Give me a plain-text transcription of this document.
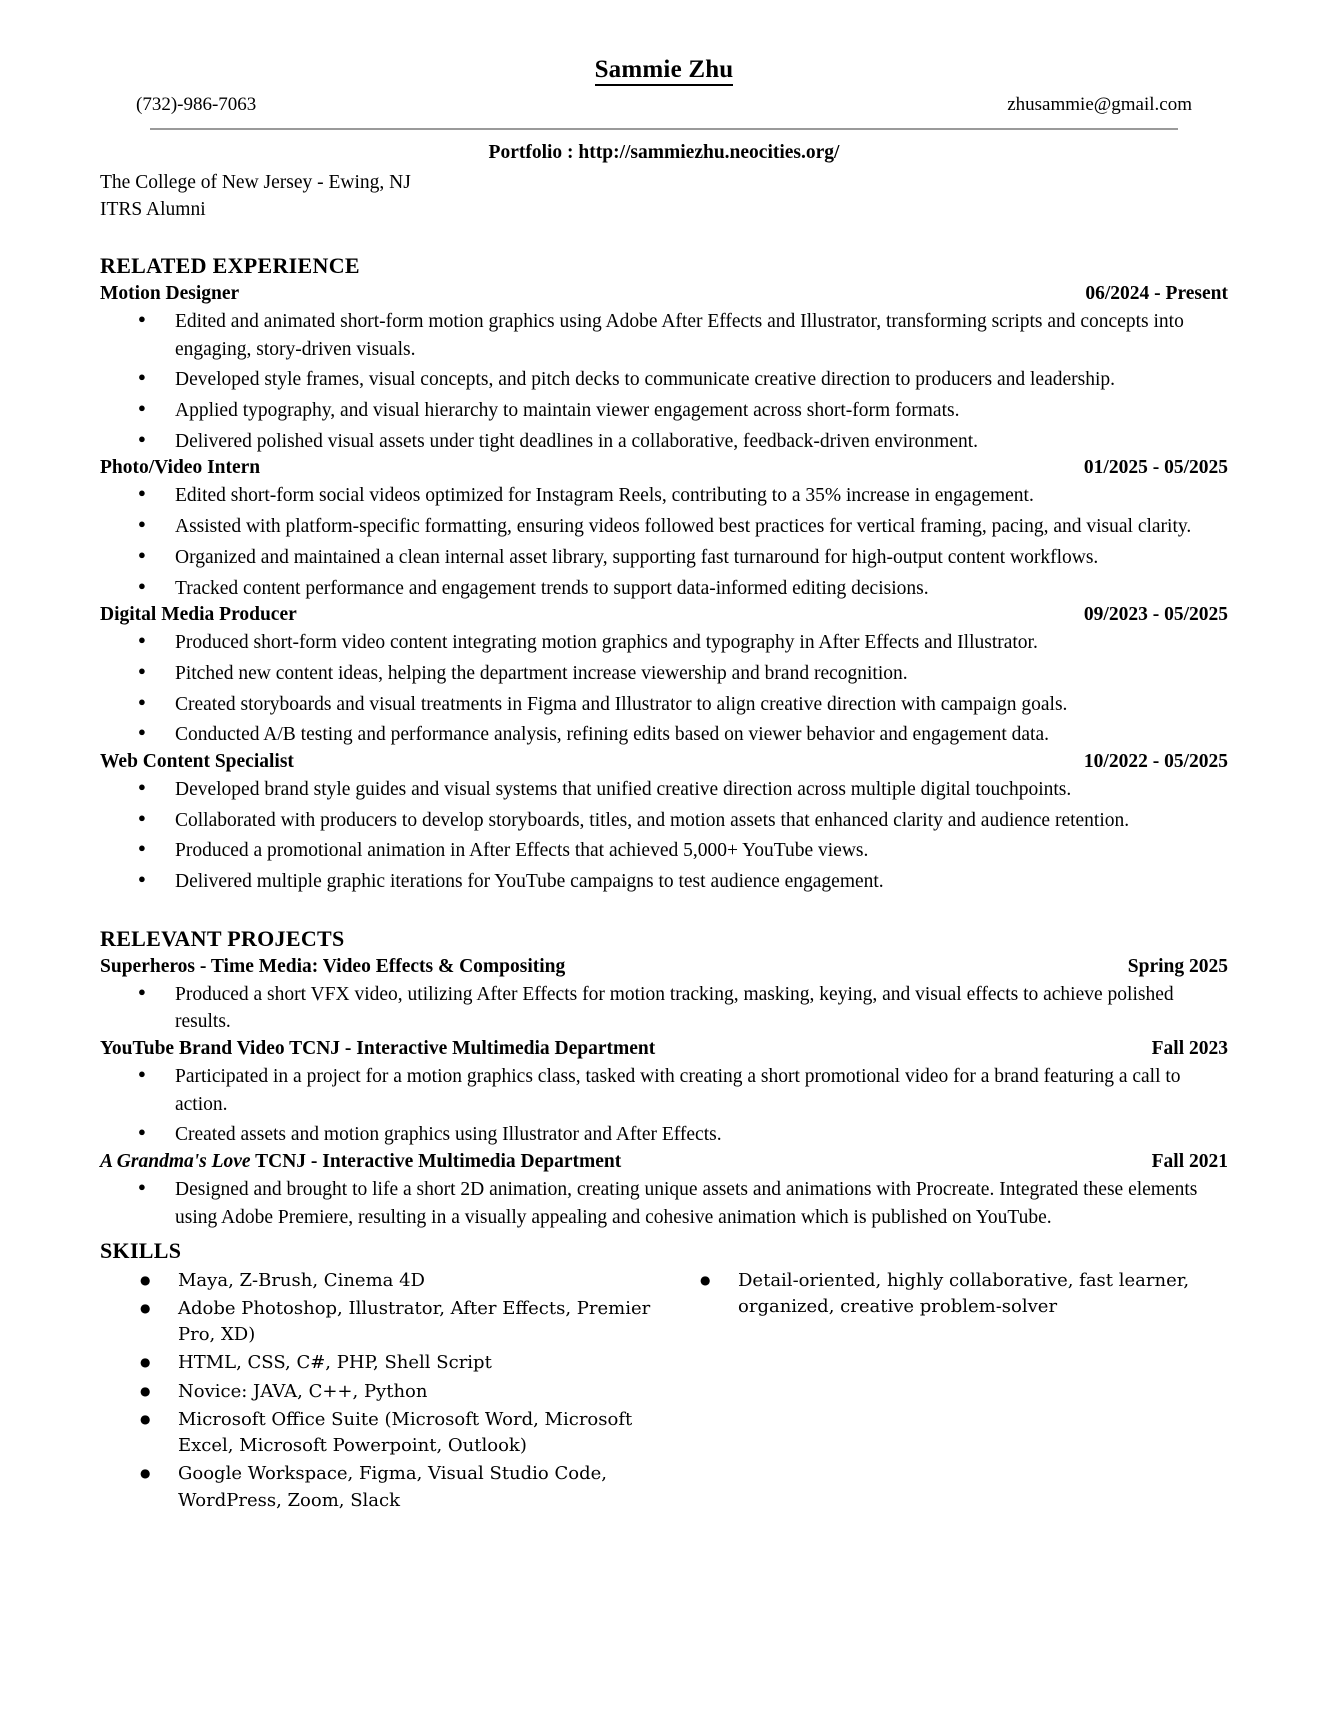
Sammie Zhu
(732)-986-7063	zhusammie@gmail.com
Portfolio : http://sammiezhu.neocities.org/
The College of New Jersey - Ewing, NJ
ITRS Alumni
RELATED EXPERIENCE
Motion Designer	06/2024 - Present
● Edited and animated short-form motion graphics using Adobe After Effects and Illustrator, transforming scripts and concepts into engaging, story-driven visuals.
● Developed style frames, visual concepts, and pitch decks to communicate creative direction to producers and leadership.
● Applied typography, and visual hierarchy to maintain viewer engagement across short-form formats.
● Delivered polished visual assets under tight deadlines in a collaborative, feedback-driven environment.
Photo/Video Intern	01/2025 - 05/2025
● Edited short-form social videos optimized for Instagram Reels, contributing to a 35% increase in engagement.
● Assisted with platform-specific formatting, ensuring videos followed best practices for vertical framing, pacing, and visual clarity.
● Organized and maintained a clean internal asset library, supporting fast turnaround for high-output content workflows.
● Tracked content performance and engagement trends to support data-informed editing decisions.
Digital Media Producer	09/2023 - 05/2025
● Produced short-form video content integrating motion graphics and typography in After Effects and Illustrator.
● Pitched new content ideas, helping the department increase viewership and brand recognition.
● Created storyboards and visual treatments in Figma and Illustrator to align creative direction with campaign goals.
● Conducted A/B testing and performance analysis, refining edits based on viewer behavior and engagement data.
Web Content Specialist	10/2022 - 05/2025
● Developed brand style guides and visual systems that unified creative direction across multiple digital touchpoints.
● Collaborated with producers to develop storyboards, titles, and motion assets that enhanced clarity and audience retention.
● Produced a promotional animation in After Effects that achieved 5,000+ YouTube views.
● Delivered multiple graphic iterations for YouTube campaigns to test audience engagement.
RELEVANT PROJECTS
Superheros - Time Media: Video Effects & Compositing	Spring 2025
● Produced a short VFX video, utilizing After Effects for motion tracking, masking, keying, and visual effects to achieve polished results.
YouTube Brand Video TCNJ - Interactive Multimedia Department	Fall 2023
● Participated in a project for a motion graphics class, tasked with creating a short promotional video for a brand featuring a call to action.
● Created assets and motion graphics using Illustrator and After Effects.
A Grandma's Love TCNJ - Interactive Multimedia Department	Fall 2021
● Designed and brought to life a short 2D animation, creating unique assets and animations with Procreate. Integrated these elements using Adobe Premiere, resulting in a visually appealing and cohesive animation which is published on YouTube.
SKILLS
● Maya, Z-Brush, Cinema 4D
● Adobe Photoshop, Illustrator, After Effects, Premier Pro, XD)
● HTML, CSS, C#, PHP, Shell Script
● Novice: JAVA, C++, Python
● Microsoft Office Suite (Microsoft Word, Microsoft Excel, Microsoft Powerpoint, Outlook)
● Google Workspace, Figma, Visual Studio Code, WordPress, Zoom, Slack
● Detail-oriented, highly collaborative, fast learner, organized, creative problem-solver
